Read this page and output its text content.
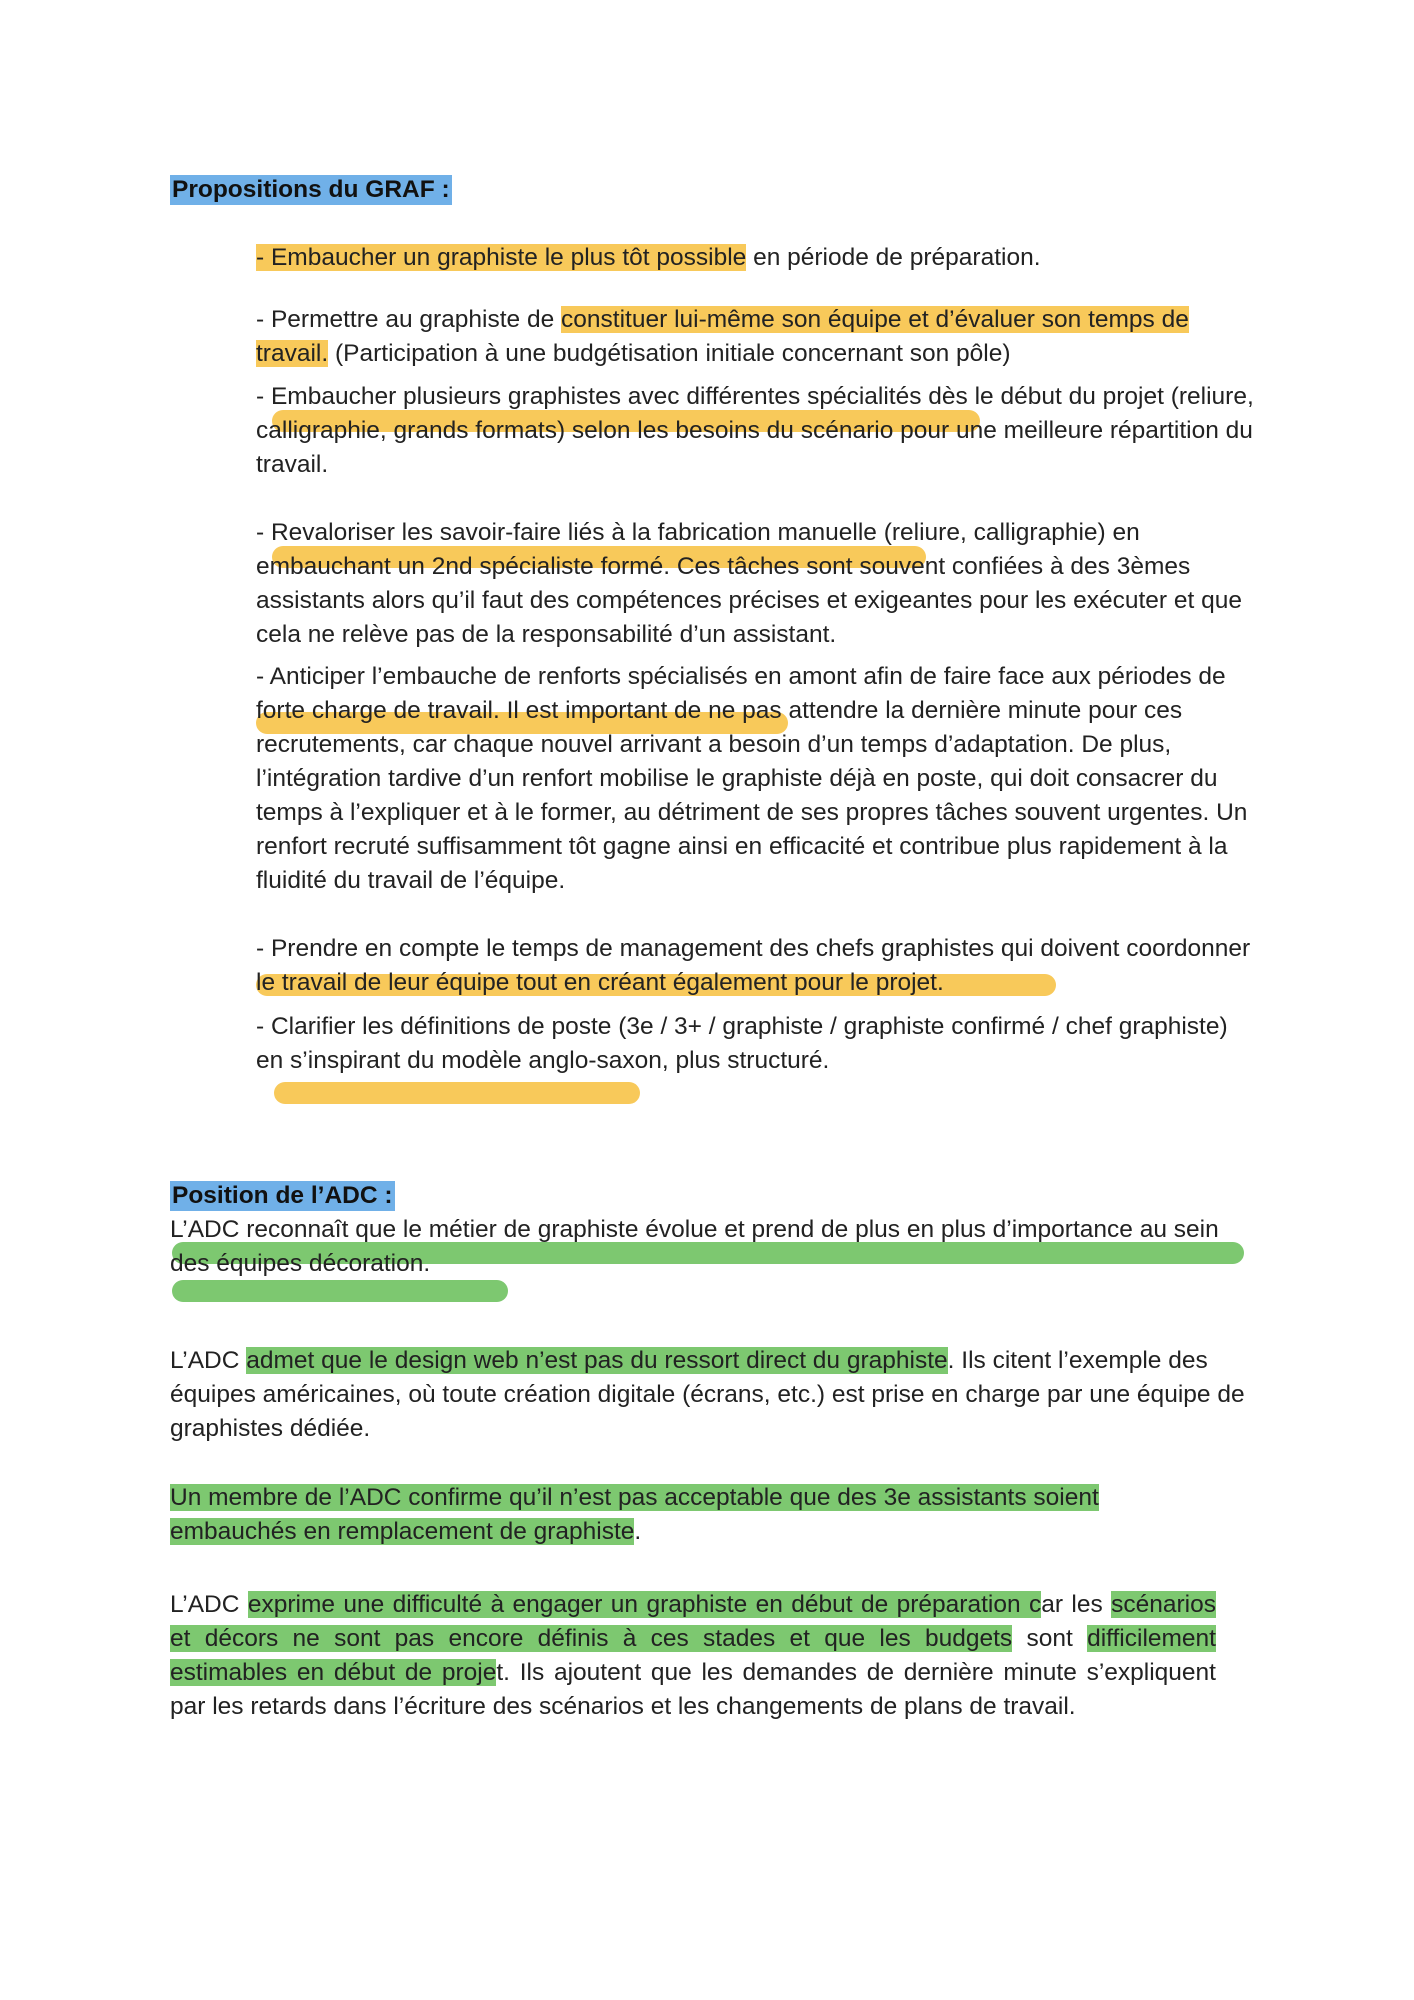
Propositions du GRAF :

- Embaucher un graphiste le plus tôt possible en période de préparation.

- Permettre au graphiste de constituer lui-même son équipe et d’évaluer son temps de travail. (Participation à une budgétisation initiale concernant son pôle)

- Embaucher plusieurs graphistes avec différentes spécialités dès le début du projet (reliure, calligraphie, grands formats) selon les besoins du scénario pour une meilleure répartition du travail.

- Revaloriser les savoir-faire liés à la fabrication manuelle (reliure, calligraphie) en embauchant un 2nd spécialiste formé. Ces tâches sont souvent confiées à des 3èmes assistants alors qu’il faut des compétences précises et exigeantes pour les exécuter et que cela ne relève pas de la responsabilité d’un assistant.

- Anticiper l’embauche de renforts spécialisés en amont afin de faire face aux périodes de forte charge de travail. Il est important de ne pas attendre la dernière minute pour ces recrutements, car chaque nouvel arrivant a besoin d’un temps d’adaptation. De plus, l’intégration tardive d’un renfort mobilise le graphiste déjà en poste, qui doit consacrer du temps à l’expliquer et à le former, au détriment de ses propres tâches souvent urgentes. Un renfort recruté suffisamment tôt gagne ainsi en efficacité et contribue plus rapidement à la fluidité du travail de l’équipe.

- Prendre en compte le temps de management des chefs graphistes qui doivent coordonner le travail de leur équipe tout en créant également pour le projet.

- Clarifier les définitions de poste (3e / 3+ / graphiste / graphiste confirmé / chef graphiste) en s’inspirant du modèle anglo-saxon, plus structuré.

Position de l’ADC :

L’ADC reconnaît que le métier de graphiste évolue et prend de plus en plus d’importance au sein des équipes décoration.

L’ADC admet que le design web n’est pas du ressort direct du graphiste. Ils citent l’exemple des équipes américaines, où toute création digitale (écrans, etc.) est prise en charge par une équipe de graphistes dédiée.

Un membre de l’ADC confirme qu’il n’est pas acceptable que des 3e assistants soient embauchés en remplacement de graphiste.

L’ADC exprime une difficulté à engager un graphiste en début de préparation car les scénarios et décors ne sont pas encore définis à ces stades et que les budgets sont difficilement estimables en début de projet. Ils ajoutent que les demandes de dernière minute s’expliquent par les retards dans l’écriture des scénarios et les changements de plans de travail.
